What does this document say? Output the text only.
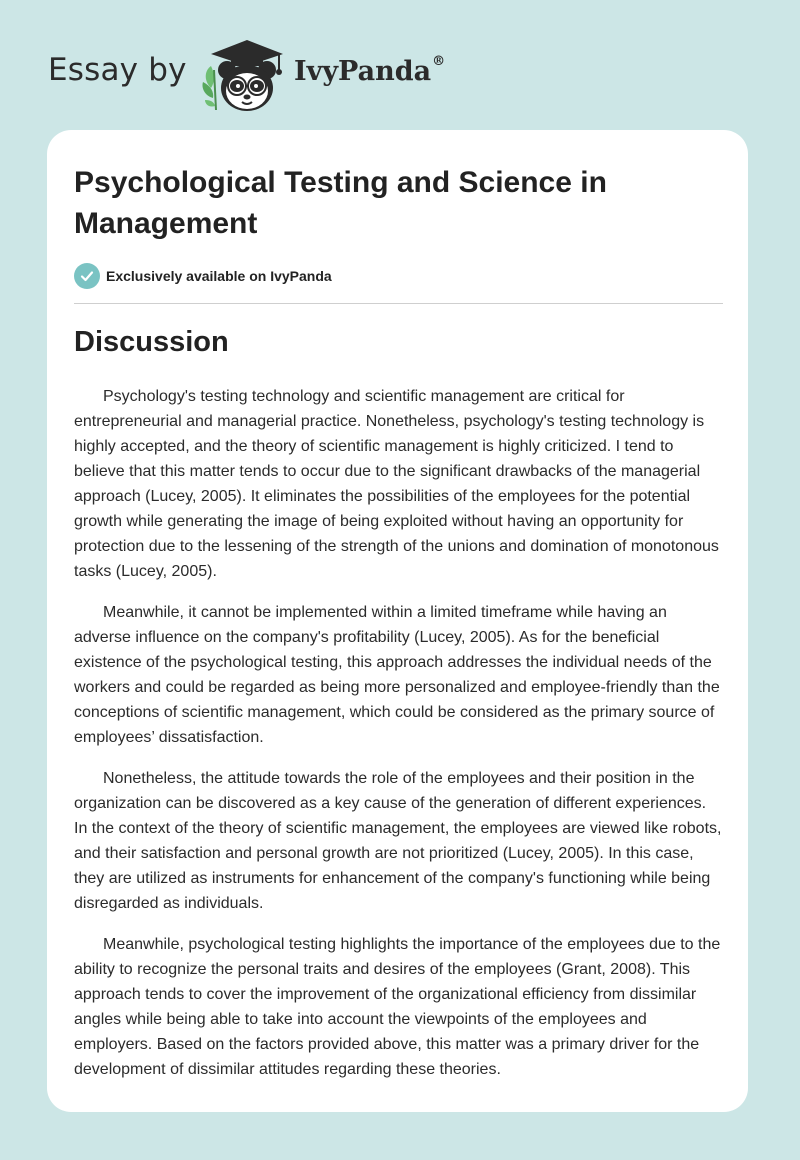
Essay by	IvyPanda®
Psychological Testing and Science in Management
Exclusively available on IvyPanda
Discussion

Psychology's testing technology and scientific management are critical for entrepreneurial and managerial practice. Nonetheless, psychology's testing technology is highly accepted, and the theory of scientific management is highly criticized. I tend to believe that this matter tends to occur due to the significant drawbacks of the managerial approach (Lucey, 2005). It eliminates the possibilities of the employees for the potential growth while generating the image of being exploited without having an opportunity for protection due to the lessening of the strength of the unions and domination of monotonous tasks (Lucey, 2005).

Meanwhile, it cannot be implemented within a limited timeframe while having an adverse influence on the company's profitability (Lucey, 2005). As for the beneficial existence of the psychological testing, this approach addresses the individual needs of the workers and could be regarded as being more personalized and employee-friendly than the conceptions of scientific management, which could be considered as the primary source of employees’ dissatisfaction.

Nonetheless, the attitude towards the role of the employees and their position in the organization can be discovered as a key cause of the generation of different experiences. In the context of the theory of scientific management, the employees are viewed like robots, and their satisfaction and personal growth are not prioritized (Lucey, 2005). In this case, they are utilized as instruments for enhancement of the company's functioning while being disregarded as individuals.

Meanwhile, psychological testing highlights the importance of the employees due to the ability to recognize the personal traits and desires of the employees (Grant, 2008). This approach tends to cover the improvement of the organizational efficiency from dissimilar angles while being able to take into account the viewpoints of the employees and employers. Based on the factors provided above, this matter was a primary driver for the development of dissimilar attitudes regarding these theories.
